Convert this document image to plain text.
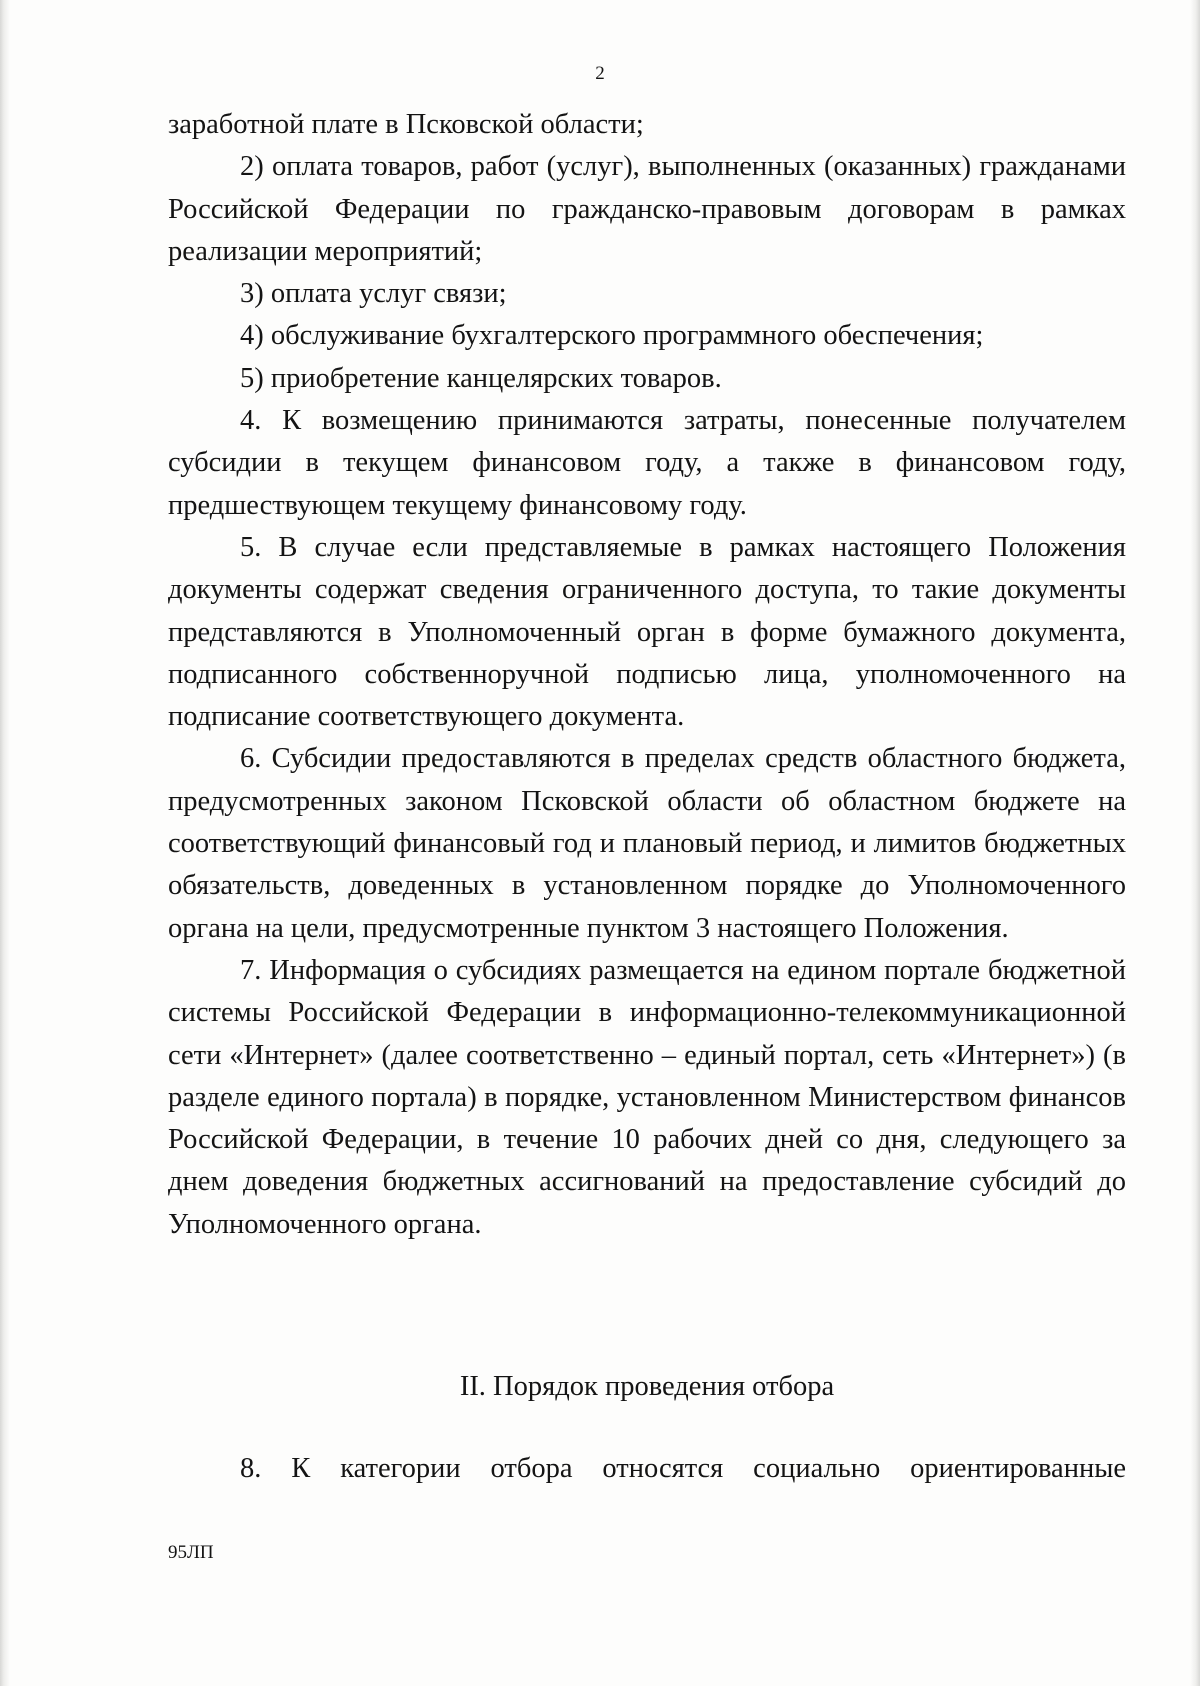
2

заработной плате в Псковской области;

2) оплата товаров, работ (услуг), выполненных (оказанных) гражданами Российской Федерации по гражданско-правовым договорам в рамках реализации мероприятий;

3) оплата услуг связи;

4) обслуживание бухгалтерского программного обеспечения;

5) приобретение канцелярских товаров.

4. К возмещению принимаются затраты, понесенные получателем субсидии в текущем финансовом году, а также в финансовом году, предшествующем текущему финансовому году.

5. В случае если представляемые в рамках настоящего Положения документы содержат сведения ограниченного доступа, то такие документы представляются в Уполномоченный орган в форме бумажного документа, подписанного собственноручной подписью лица, уполномоченного на подписание соответствующего документа.

6. Субсидии предоставляются в пределах средств областного бюджета, предусмотренных законом Псковской области об областном бюджете на соответствующий финансовый год и плановый период, и лимитов бюджетных обязательств, доведенных в установленном порядке до Уполномоченного органа на цели, предусмотренные пунктом 3 настоящего Положения.

7. Информация о субсидиях размещается на едином портале бюджетной системы Российской Федерации в информационно-телекоммуникационной сети «Интернет» (далее соответственно – единый портал, сеть «Интернет») (в разделе единого портала) в порядке, установленном Министерством финансов Российской Федерации, в течение 10 рабочих дней со дня, следующего за днем доведения бюджетных ассигнований на предоставление субсидий до Уполномоченного органа.

II. Порядок проведения отбора
8. К категории отбора относятся социально ориентированные
95ЛП
